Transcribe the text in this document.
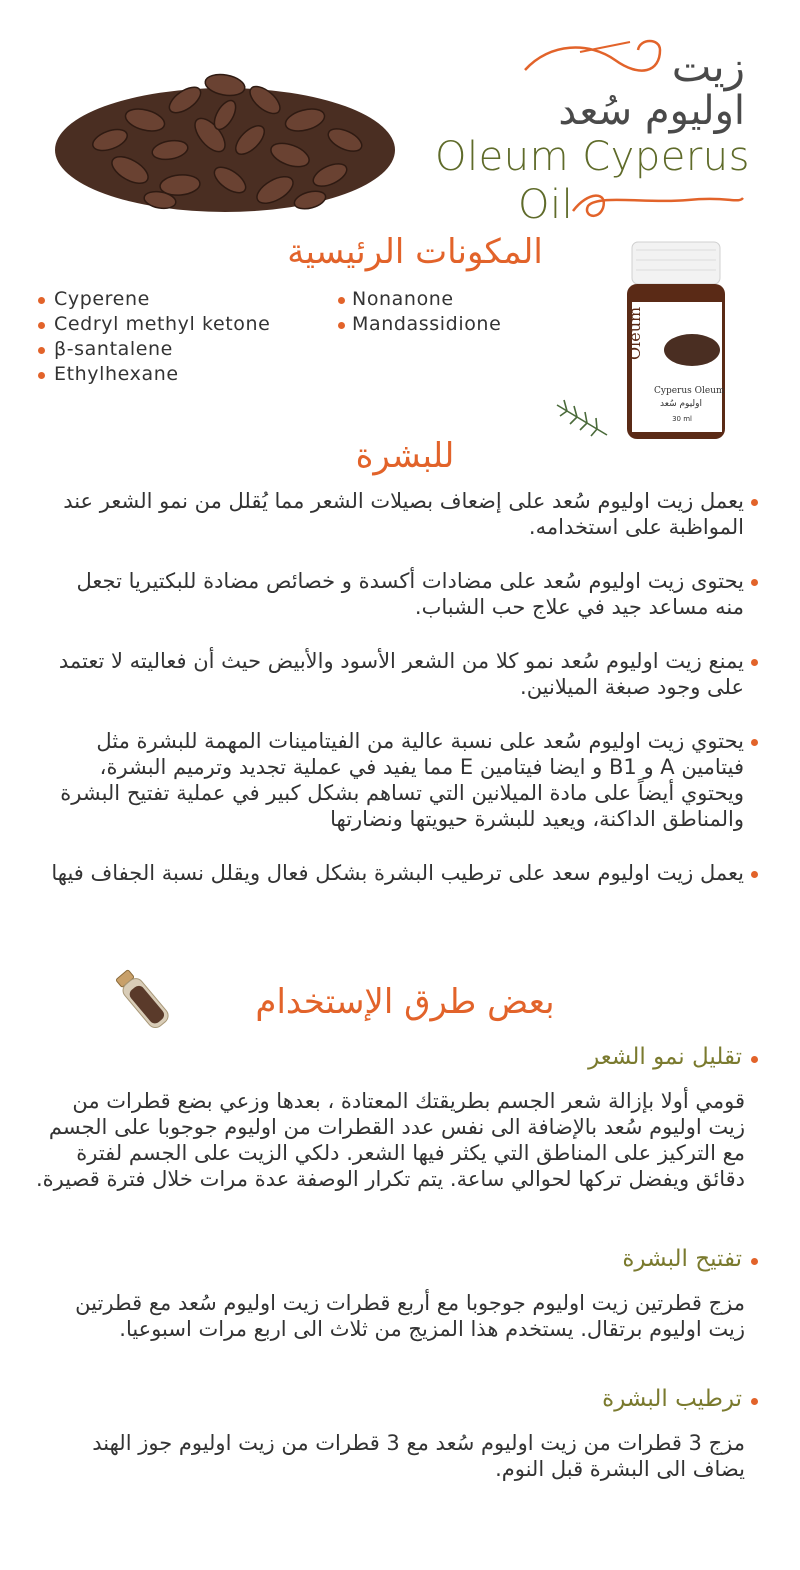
زيت
اوليوم سُعد
Oleum Cyperus
Oil
المكونات الرئيسية
Cyperene
Cedryl methyl ketone
β-santalene
Ethylhexane
Nonanone
Mandassidione	Oleum
Cyperus Oleum
اوليوم سُعد
30 ml
للبشرة
يعمل زيت اوليوم سُعد على إضعاف بصيلات الشعر مما يُقلل من نمو الشعر عند المواظبة على استخدامه.
يحتوى زيت اوليوم سُعد على مضادات أكسدة و خصائص مضادة للبكتيريا تجعل منه مساعد جيد في علاج حب الشباب.
يمنع زيت اوليوم سُعد نمو كلا من الشعر الأسود والأبيض حيث أن فعاليته لا تعتمد على وجود صبغة الميلانين.
يحتوي زيت اوليوم سُعد على نسبة عالية من الفيتامينات المهمة للبشرة مثل فيتامين A و B1 و ايضا فيتامين E مما يفيد في عملية تجديد وترميم البشرة، ويحتوي أيضاً على مادة الميلانين التي تساهم بشكل كبير في عملية تفتيح البشرة والمناطق الداكنة، ويعيد للبشرة حيويتها ونضارتها
يعمل زيت اوليوم سعد على ترطيب البشرة بشكل فعال ويقلل نسبة الجفاف فيها
بعض طرق الإستخدام
تقليل نمو الشعر
قومي أولا بإزالة شعر الجسم بطريقتك المعتادة ، بعدها وزعي بضع قطرات من زيت اوليوم سُعد بالإضافة الى نفس عدد القطرات من اوليوم جوجوبا على الجسم مع التركيز على المناطق التي يكثر فيها الشعر. دلكي الزيت على الجسم لفترة دقائق ويفضل تركها لحوالي ساعة. يتم تكرار الوصفة عدة مرات خلال فترة قصيرة.
تفتيح البشرة
مزج قطرتين زيت اوليوم جوجوبا مع أربع قطرات زيت اوليوم سُعد مع قطرتين زيت اوليوم برتقال. يستخدم هذا المزيج من ثلاث الى اربع مرات اسبوعيا.
ترطيب البشرة
مزج 3 قطرات من زيت اوليوم سُعد مع 3 قطرات من زيت اوليوم جوز الهند يضاف الى البشرة قبل النوم.
